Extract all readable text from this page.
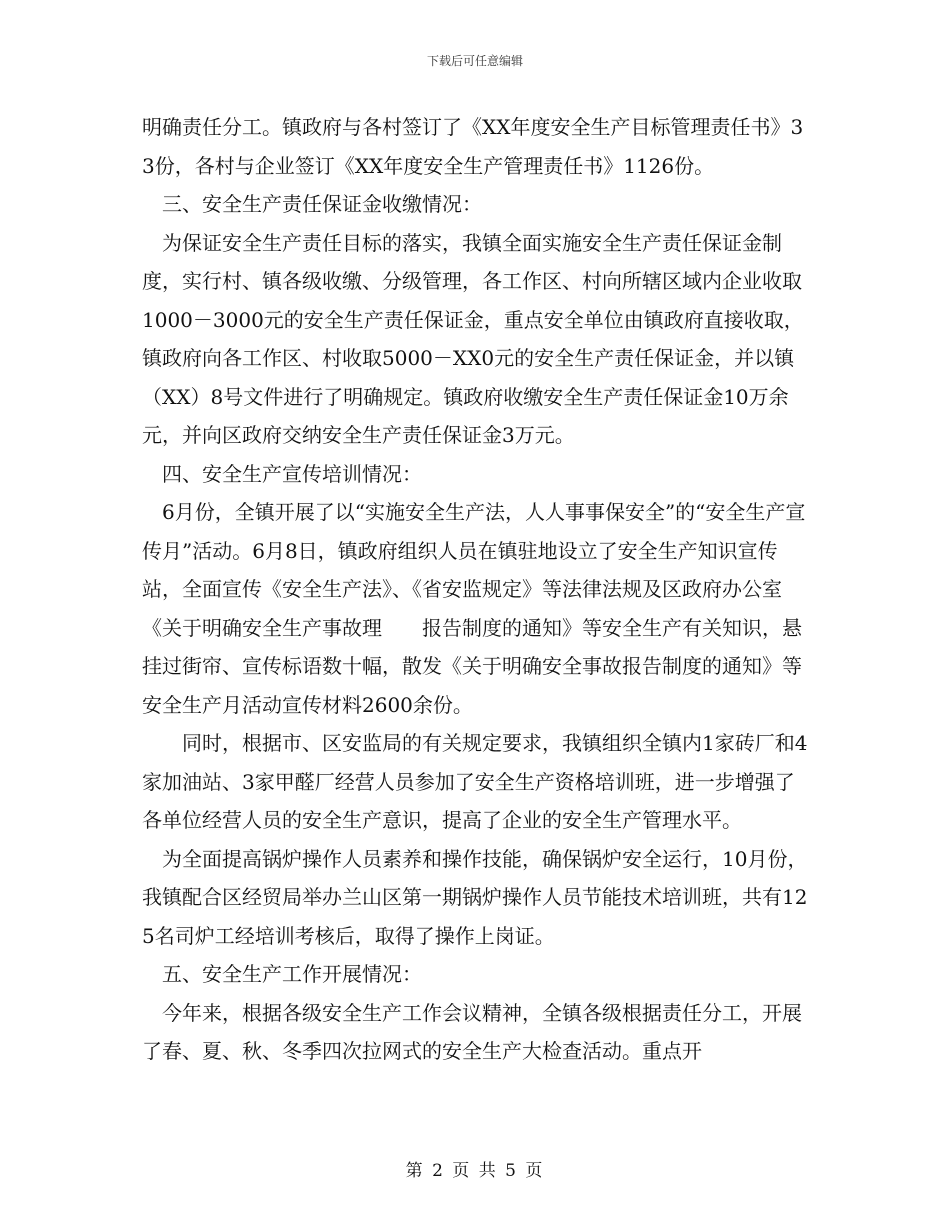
下载后可任意编辑

明确责任分工。镇政府与各村签订了《XX年度安全生产目标管理责任书》33份，各村与企业签订《XX年度安全生产管理责任书》1126份。

　三、安全生产责任保证金收缴情况：

　为保证安全生产责任目标的落实，我镇全面实施安全生产责任保证金制度，实行村、镇各级收缴、分级管理，各工作区、村向所辖区域内企业收取1000－3000元的安全生产责任保证金，重点安全单位由镇政府直接收取，镇政府向各工作区、村收取5000－XX0元的安全生产责任保证金，并以镇（XX）8号文件进行了明确规定。镇政府收缴安全生产责任保证金10万余元，并向区政府交纳安全生产责任保证金3万元。

　四、安全生产宣传培训情况：

　6月份，全镇开展了以“实施安全生产法，人人事事保安全”的“安全生产宣传月”活动。6月8日，镇政府组织人员在镇驻地设立了安全生产知识宣传站，全面宣传《安全生产法》、《省安监规定》等法律法规及区政府办公室《关于明确安全生产事故理　　报告制度的通知》等安全生产有关知识，悬挂过街帘、宣传标语数十幅，散发《关于明确安全事故报告制度的通知》等安全生产月活动宣传材料2600余份。

　　同时，根据市、区安监局的有关规定要求，我镇组织全镇内1家砖厂和4家加油站、3家甲醛厂经营人员参加了安全生产资格培训班，进一步增强了各单位经营人员的安全生产意识，提高了企业的安全生产管理水平。

　为全面提高锅炉操作人员素养和操作技能，确保锅炉安全运行，10月份，我镇配合区经贸局举办兰山区第一期锅炉操作人员节能技术培训班，共有125名司炉工经培训考核后，取得了操作上岗证。

　五、安全生产工作开展情况：

　今年来，根据各级安全生产工作会议精神，全镇各级根据责任分工，开展了春、夏、秋、冬季四次拉网式的安全生产大检查活动。重点开

第 2 页 共 5 页
